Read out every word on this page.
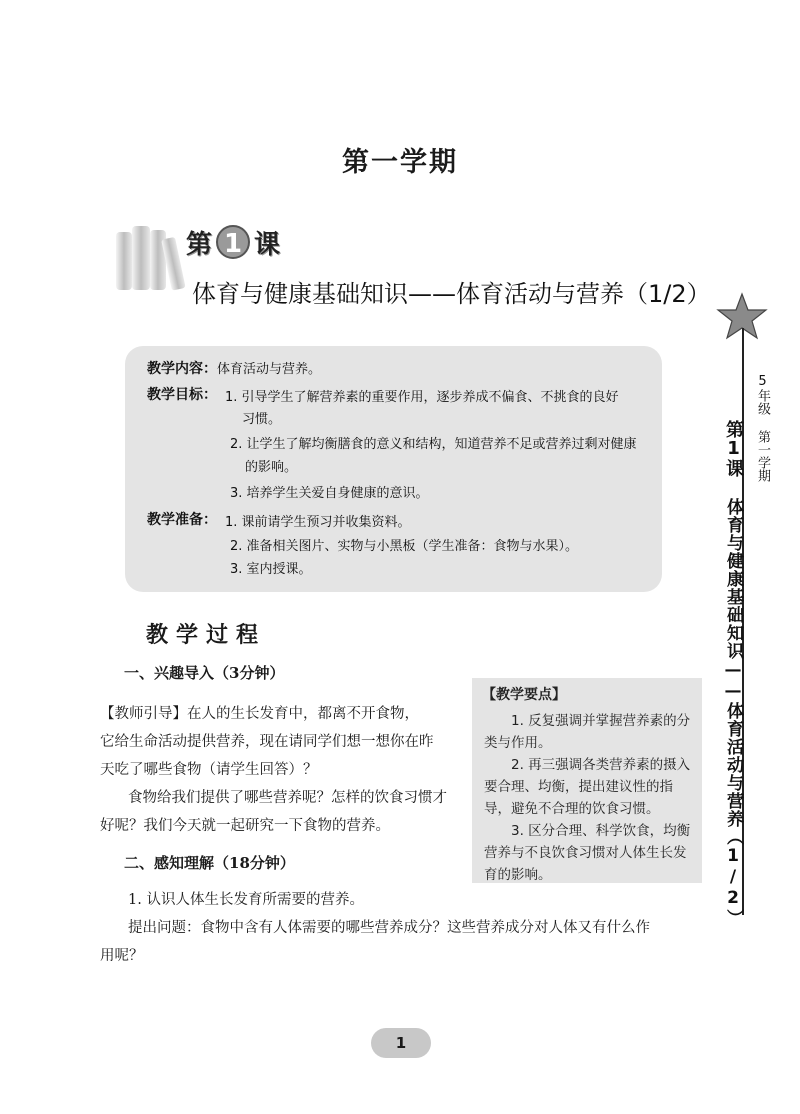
第一学期
第 1 课
体育与健康基础知识——体育活动与营养（1/2）
5年级
第一学期
第1课
体育与健康基础知识——体育活动与营养（1/2）
教学内容：体育活动与营养。
教学目标： 1. 引导学生了解营养素的重要作用，逐步养成不偏食、不挑食的良好
习惯。
2. 让学生了解均衡膳食的意义和结构，知道营养不足或营养过剩对健康
的影响。
3. 培养学生关爱自身健康的意识。
教学准备： 1. 课前请学生预习并收集资料。
2. 准备相关图片、实物与小黑板（学生准备：食物与水果）。
3. 室内授课。
教学过程
一、兴趣导入（3分钟）
【教师引导】在人的生长发育中，都离不开食物，
它给生命活动提供营养，现在请同学们想一想你在昨
天吃了哪些食物（请学生回答）？
食物给我们提供了哪些营养呢？怎样的饮食习惯才
好呢？我们今天就一起研究一下食物的营养。
二、感知理解（18分钟）
1. 认识人体生长发育所需要的营养。
提出问题：食物中含有人体需要的哪些营养成分？这些营养成分对人体又有什么作
用呢？
【教学要点】

1. 反复强调并掌握营养素的分类与作用。

2. 再三强调各类营养素的摄入要合理、均衡，提出建议性的指导，避免不合理的饮食习惯。

3. 区分合理、科学饮食，均衡营养与不良饮食习惯对人体生长发育的影响。

1
